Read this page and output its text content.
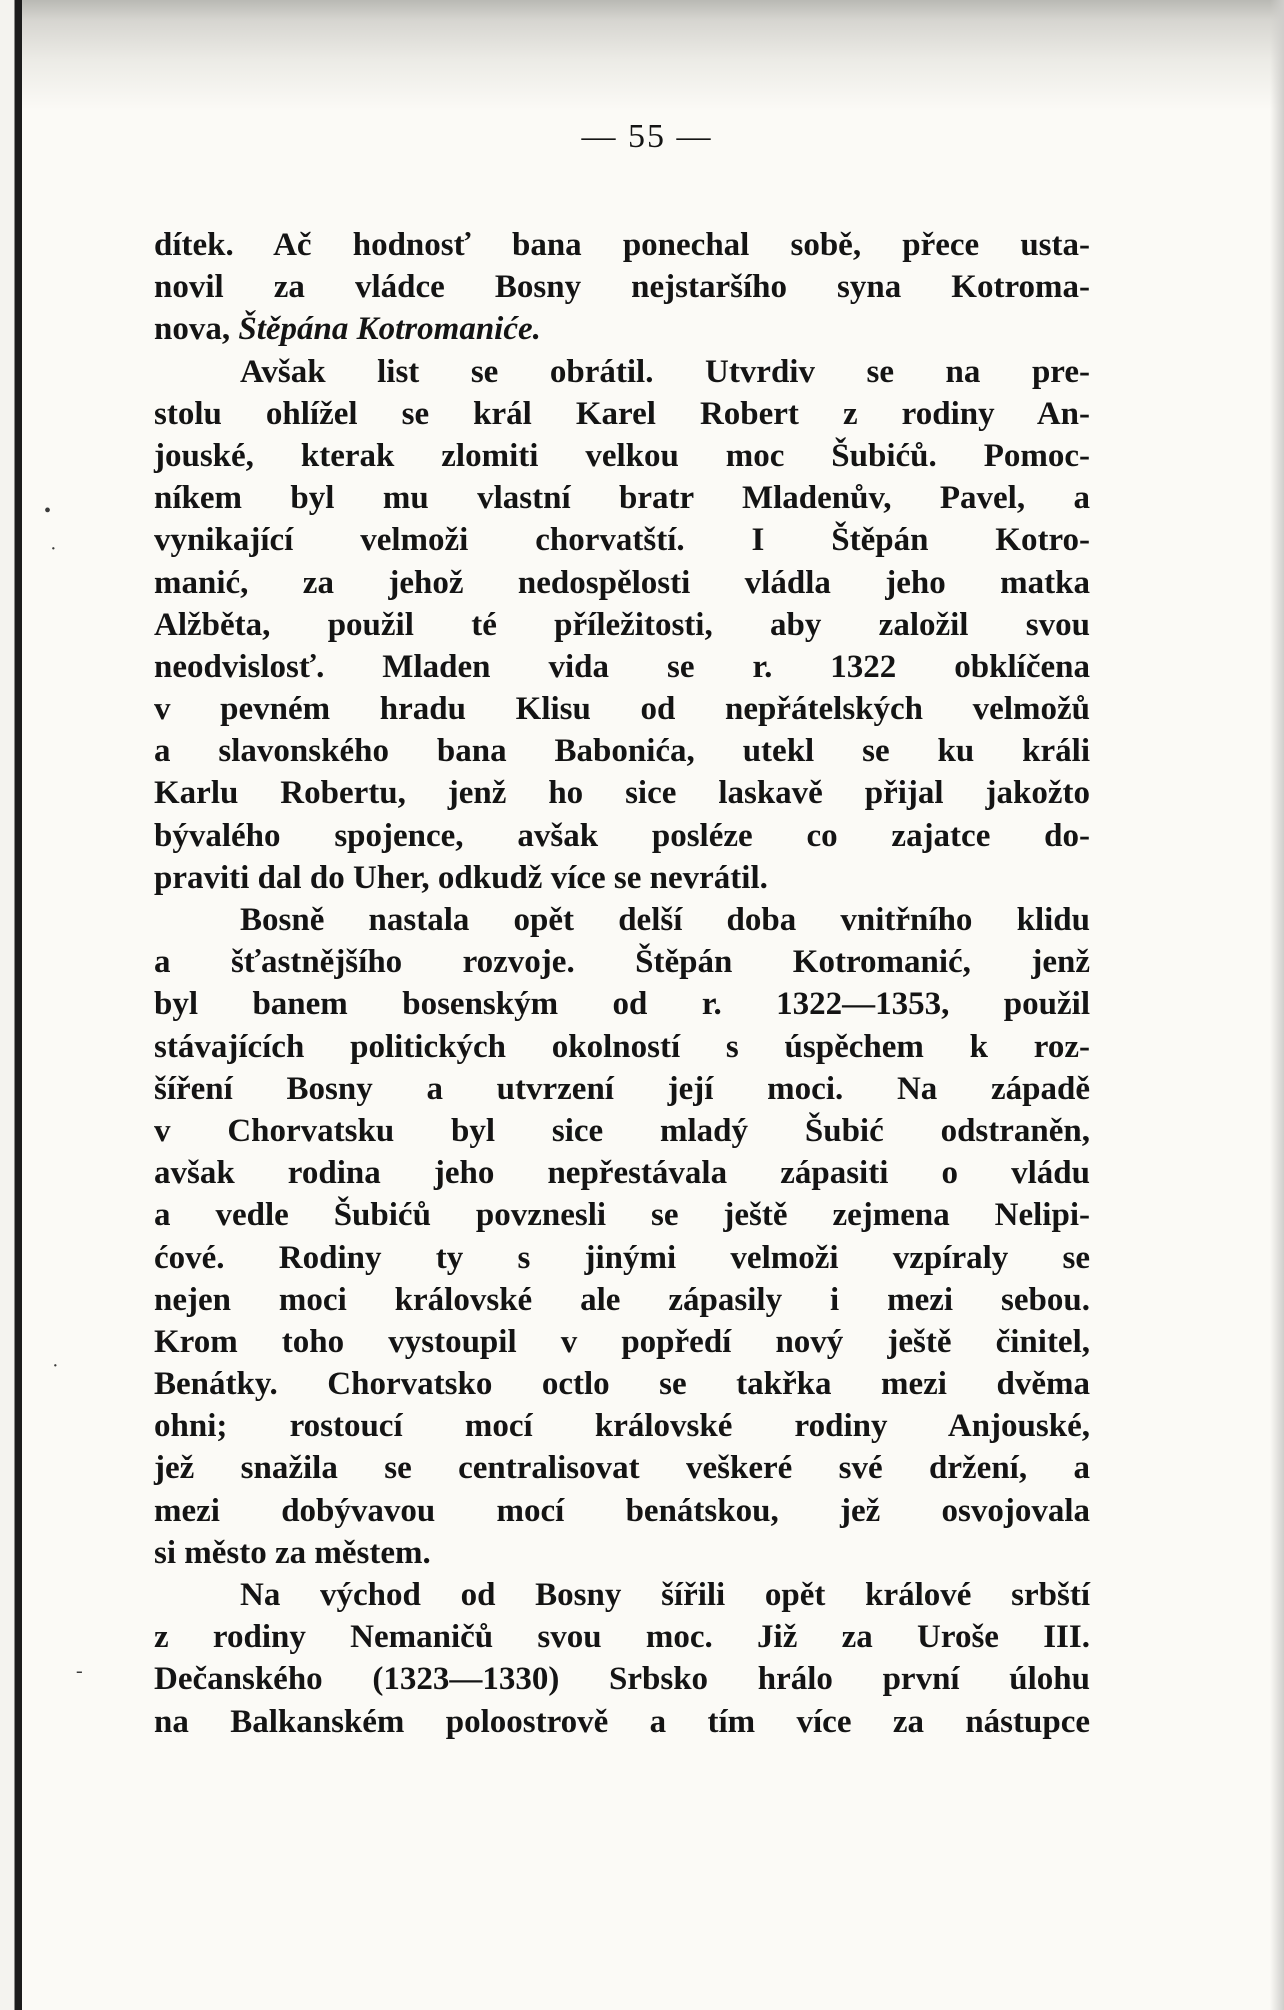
— 55 —
dítek. Ač hodnosť bana ponechal sobě, přece usta-
novil za vládce Bosny nejstaršího syna Kotroma-
nova, Štěpána Kotromaniće.
Avšak list se obrátil. Utvrdiv se na pre-
stolu ohlížel se král Karel Robert z rodiny An-
jouské, kterak zlomiti velkou moc Šubićů. Pomoc-
níkem byl mu vlastní bratr Mladenův, Pavel, a
vynikající velmoži chorvatští. I Štěpán Kotro-
manić, za jehož nedospělosti vládla jeho matka
Alžběta, použil té příležitosti, aby založil svou
neodvislosť. Mladen vida se r. 1322 obklíčena
v pevném hradu Klisu od nepřátelských velmožů
a slavonského bana Babonića, utekl se ku králi
Karlu Robertu, jenž ho sice laskavě přijal jakožto
bývalého spojence, avšak posléze co zajatce do-
praviti dal do Uher, odkudž více se nevrátil.
Bosně nastala opět delší doba vnitřního klidu
a šťastnějšího rozvoje. Štěpán Kotromanić, jenž
byl banem bosenským od r. 1322—1353, použil
stávajících politických okolností s úspěchem k roz-
šíření Bosny a utvrzení její moci. Na západě
v Chorvatsku byl sice mladý Šubić odstraněn,
avšak rodina jeho nepřestávala zápasiti o vládu
a vedle Šubićů povznesli se ještě zejmena Nelipi-
ćové. Rodiny ty s jinými velmoži vzpíraly se
nejen moci královské ale zápasily i mezi sebou.
Krom toho vystoupil v popředí nový ještě činitel,
Benátky. Chorvatsko octlo se takřka mezi dvěma
ohni; rostoucí mocí královské rodiny Anjouské,
jež snažila se centralisovat veškeré své držení, a
mezi dobývavou mocí benátskou, jež osvojovala
si město za městem.
Na východ od Bosny šířili opět králové srbští
z rodiny Nemaničů svou moc. Již za Uroše III.
Dečanského (1323—1330) Srbsko hrálo první úlohu
na Balkanském poloostrově a tím více za nástupce
•
·
·
-
